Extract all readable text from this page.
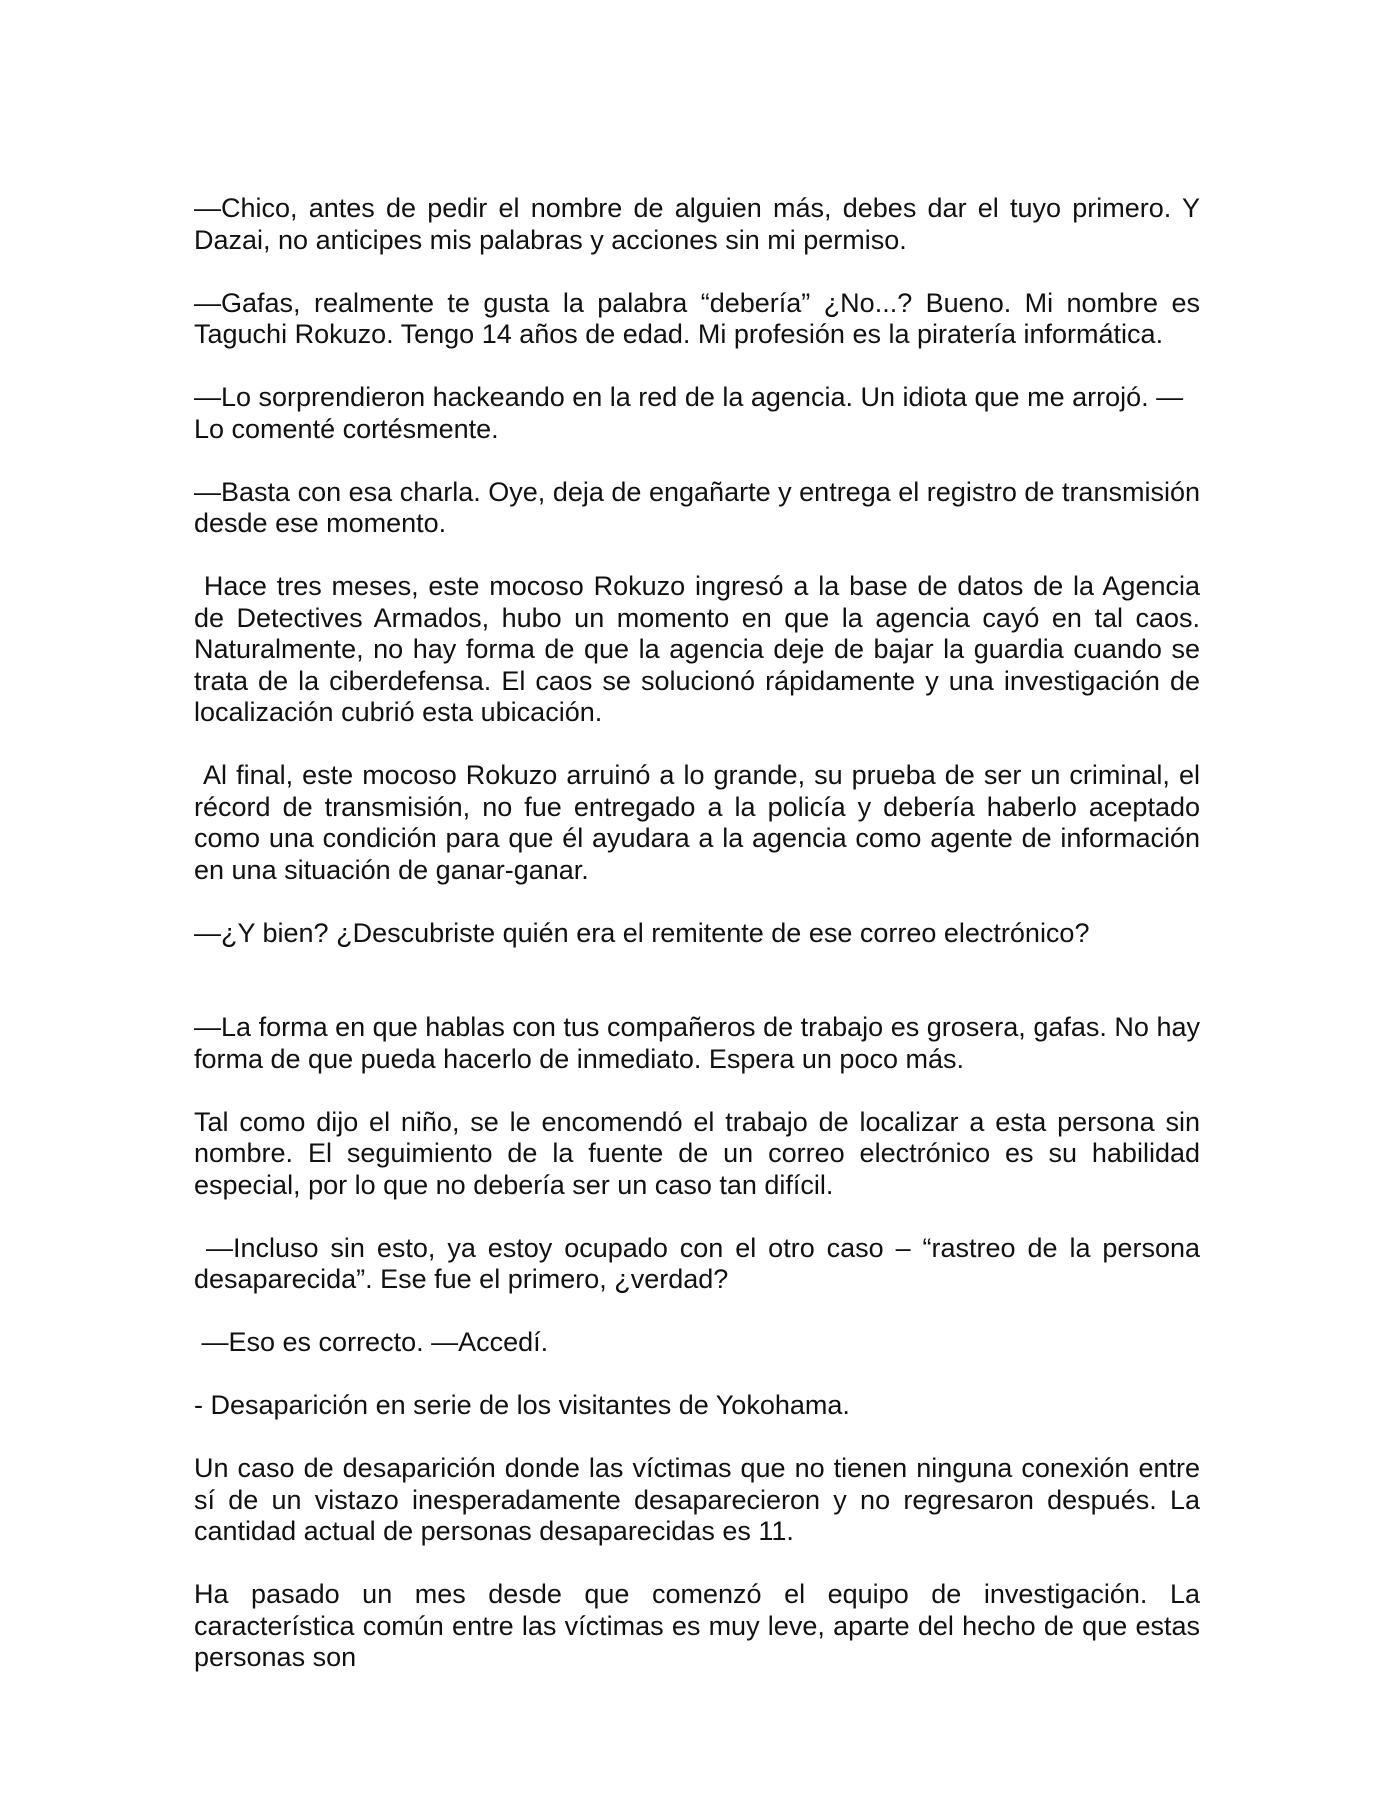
—Chico, antes de pedir el nombre de alguien más, debes dar el tuyo primero. Y Dazai, no anticipes mis palabras y acciones sin mi permiso.

—Gafas, realmente te gusta la palabra “debería” ¿No...? Bueno. Mi nombre es Taguchi Rokuzo. Tengo 14 años de edad. Mi profesión es la piratería informática.

—Lo sorprendieron hackeando en la red de la agencia. Un idiota que me arrojó. —Lo comenté cortésmente.

—Basta con esa charla. Oye, deja de engañarte y entrega el registro de transmisión desde ese momento.

Hace tres meses, este mocoso Rokuzo ingresó a la base de datos de la Agencia de Detectives Armados, hubo un momento en que la agencia cayó en tal caos. Naturalmente, no hay forma de que la agencia deje de bajar la guardia cuando se trata de la ciberdefensa. El caos se solucionó rápidamente y una investigación de localización cubrió esta ubicación.

Al final, este mocoso Rokuzo arruinó a lo grande, su prueba de ser un criminal, el récord de transmisión, no fue entregado a la policía y debería haberlo aceptado como una condición para que él ayudara a la agencia como agente de información en una situación de ganar-ganar.

—¿Y bien? ¿Descubriste quién era el remitente de ese correo electrónico?

—La forma en que hablas con tus compañeros de trabajo es grosera, gafas. No hay forma de que pueda hacerlo de inmediato. Espera un poco más.

Tal como dijo el niño, se le encomendó el trabajo de localizar a esta persona sin nombre. El seguimiento de la fuente de un correo electrónico es su habilidad especial, por lo que no debería ser un caso tan difícil.

—Incluso sin esto, ya estoy ocupado con el otro caso – “rastreo de la persona desaparecida”. Ese fue el primero, ¿verdad?

—Eso es correcto. —Accedí.

- Desaparición en serie de los visitantes de Yokohama.

Un caso de desaparición donde las víctimas que no tienen ninguna conexión entre sí de un vistazo inesperadamente desaparecieron y no regresaron después. La cantidad actual de personas desaparecidas es 11.

Ha pasado un mes desde que comenzó el equipo de investigación. La característica común entre las víctimas es muy leve, aparte del hecho de que estas personas son
